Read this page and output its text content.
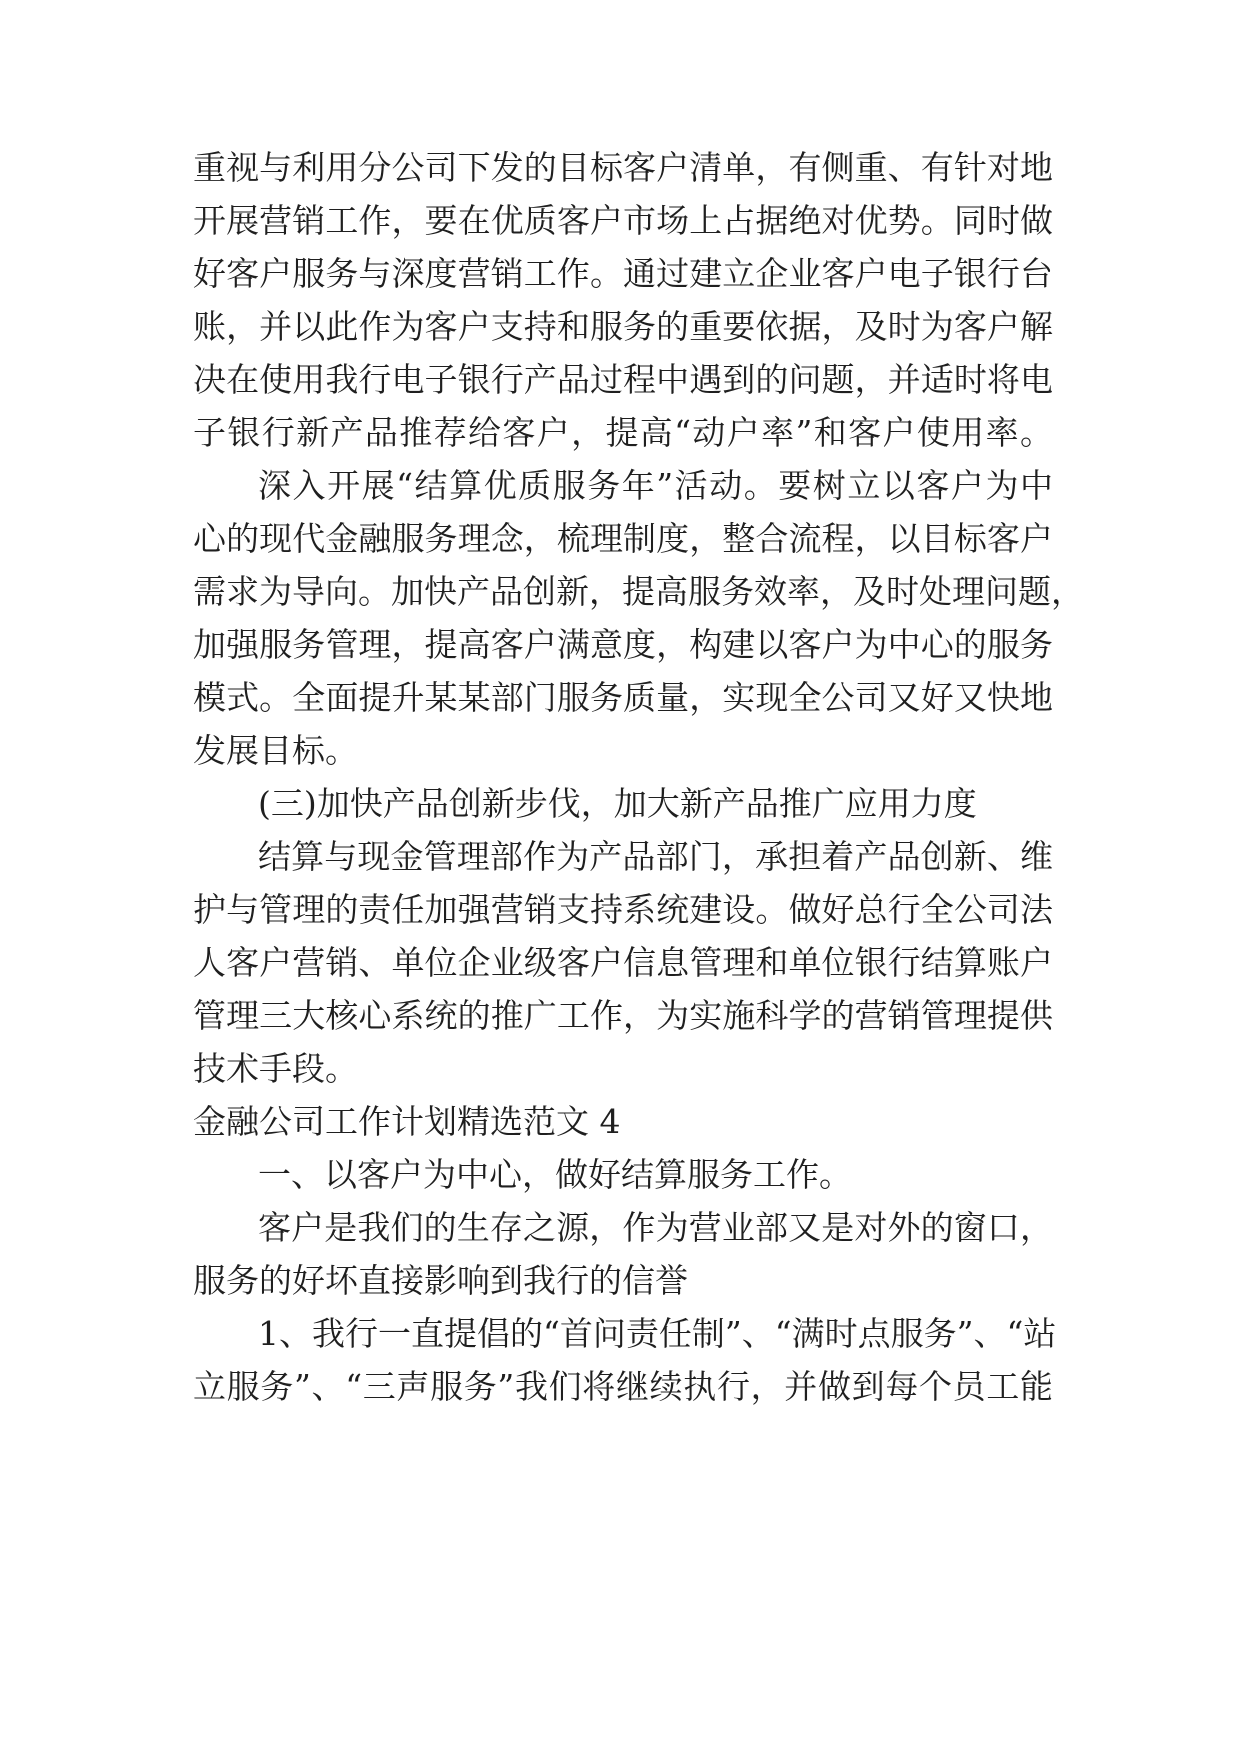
重视与利用分公司下发的目标客户清单，有侧重、有针对地
开展营销工作，要在优质客户市场上占据绝对优势。同时做
好客户服务与深度营销工作。通过建立企业客户电子银行台
账，并以此作为客户支持和服务的重要依据，及时为客户解
决在使用我行电子银行产品过程中遇到的问题，并适时将电
子银行新产品推荐给客户，提高“动户率”和客户使用率。
深入开展“结算优质服务年”活动。要树立以客户为中
心的现代金融服务理念，梳理制度，整合流程，以目标客户
需求为导向。加快产品创新，提高服务效率，及时处理问题，
加强服务管理，提高客户满意度，构建以客户为中心的服务
模式。全面提升某某部门服务质量，实现全公司又好又快地
发展目标。
(三)加快产品创新步伐，加大新产品推广应用力度
结算与现金管理部作为产品部门，承担着产品创新、维
护与管理的责任加强营销支持系统建设。做好总行全公司法
人客户营销、单位企业级客户信息管理和单位银行结算账户
管理三大核心系统的推广工作，为实施科学的营销管理提供
技术手段。
金融公司工作计划精选范文 4
一、以客户为中心，做好结算服务工作。
客户是我们的生存之源，作为营业部又是对外的窗口，
服务的好坏直接影响到我行的信誉
1、我行一直提倡的“首问责任制”、“满时点服务”、“站
立服务”、“三声服务”我们将继续执行，并做到每个员工能
